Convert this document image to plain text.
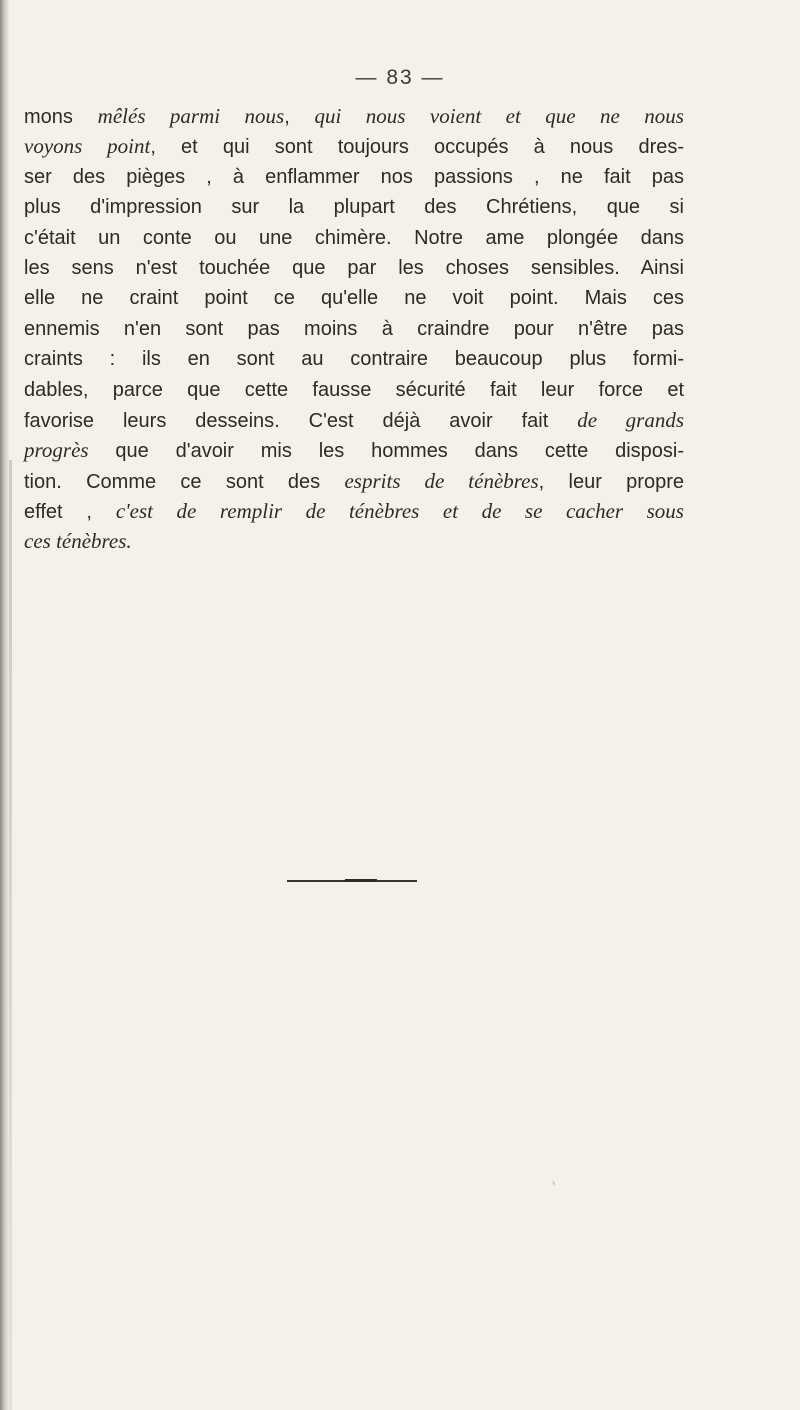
— 83 —
mons mêlés parmi nous, qui nous voient et que ne nous
voyons point, et qui sont toujours occupés à nous dres-
ser des pièges , à enflammer nos passions , ne fait pas
plus d'impression sur la plupart des Chrétiens, que si
c'était un conte ou une chimère. Notre ame plongée dans
les sens n'est touchée que par les choses sensibles. Ainsi
elle ne craint point ce qu'elle ne voit point. Mais ces
ennemis n'en sont pas moins à craindre pour n'être pas
craints : ils en sont au contraire beaucoup plus formi-
dables, parce que cette fausse sécurité fait leur force et
favorise leurs desseins. C'est déjà avoir fait de grands
progrès que d'avoir mis les hommes dans cette disposi-
tion. Comme ce sont des esprits de ténèbres, leur propre
effet , c'est de remplir de ténèbres et de se cacher sous
ces ténèbres.
